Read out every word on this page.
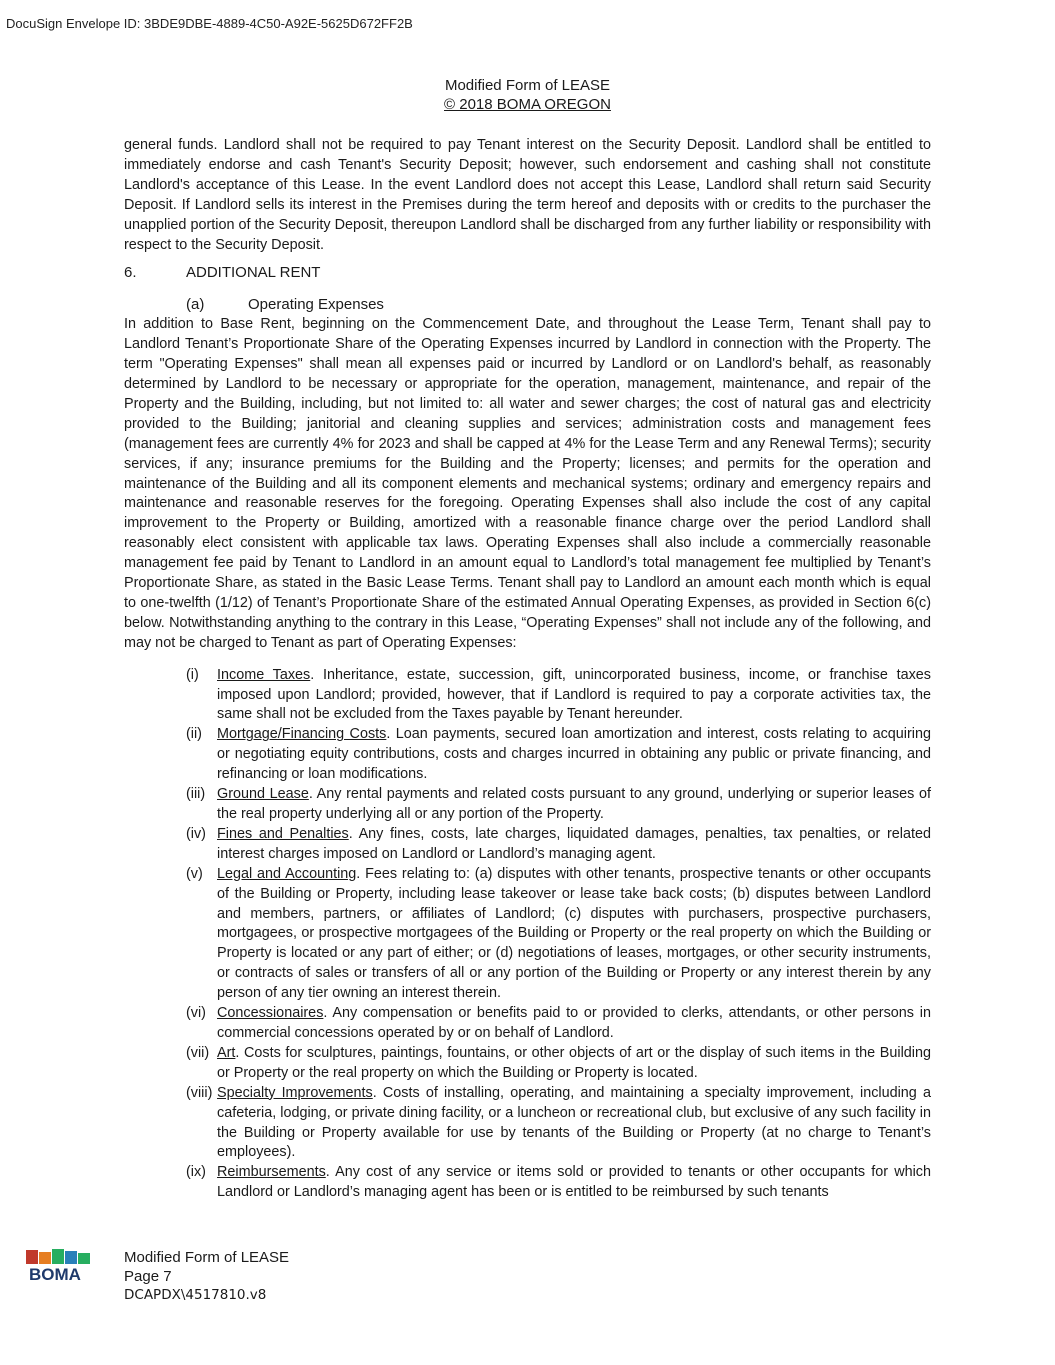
DocuSign Envelope ID: 3BDE9DBE-4889-4C50-A92E-5625D672FF2B
Modified Form of LEASE
© 2018 BOMA OREGON

general funds. Landlord shall not be required to pay Tenant interest on the Security Deposit. Landlord shall be entitled to immediately endorse and cash Tenant's Security Deposit; however, such endorsement and cashing shall not constitute Landlord's acceptance of this Lease. In the event Landlord does not accept this Lease, Landlord shall return said Security Deposit. If Landlord sells its interest in the Premises during the term hereof and deposits with or credits to the purchaser the unapplied portion of the Security Deposit, thereupon Landlord shall be discharged from any further liability or responsibility with respect to the Security Deposit.

6.	ADDITIONAL RENT

(a)	Operating Expenses

In addition to Base Rent, beginning on the Commencement Date, and throughout the Lease Term, Tenant shall pay to Landlord Tenant’s Proportionate Share of the Operating Expenses incurred by Landlord in connection with the Property. The term "Operating Expenses" shall mean all expenses paid or incurred by Landlord or on Landlord's behalf, as reasonably determined by Landlord to be necessary or appropriate for the operation, management, maintenance, and repair of the Property and the Building, including, but not limited to: all water and sewer charges; the cost of natural gas and electricity provided to the Building; janitorial and cleaning supplies and services; administration costs and management fees (management fees are currently 4% for 2023 and shall be capped at 4% for the Lease Term and any Renewal Terms); security services, if any; insurance premiums for the Building and the Property; licenses; and permits for the operation and maintenance of the Building and all its component elements and mechanical systems; ordinary and emergency repairs and maintenance and reasonable reserves for the foregoing. Operating Expenses shall also include the cost of any capital improvement to the Property or Building, amortized with a reasonable finance charge over the period Landlord shall reasonably elect consistent with applicable tax laws. Operating Expenses shall also include a commercially reasonable management fee paid by Tenant to Landlord in an amount equal to Landlord’s total management fee multiplied by Tenant’s Proportionate Share, as stated in the Basic Lease Terms. Tenant shall pay to Landlord an amount each month which is equal to one-twelfth (1/12) of Tenant’s Proportionate Share of the estimated Annual Operating Expenses, as provided in Section 6(c) below. Notwithstanding anything to the contrary in this Lease, “Operating Expenses” shall not include any of the following, and may not be charged to Tenant as part of Operating Expenses:

(i)	Income Taxes. Inheritance, estate, succession, gift, unincorporated business, income, or franchise taxes imposed upon Landlord; provided, however, that if Landlord is required to pay a corporate activities tax, the same shall not be excluded from the Taxes payable by Tenant hereunder.
(ii)	Mortgage/Financing Costs. Loan payments, secured loan amortization and interest, costs relating to acquiring or negotiating equity contributions, costs and charges incurred in obtaining any public or private financing, and refinancing or loan modifications.
(iii) Ground Lease. Any rental payments and related costs pursuant to any ground, underlying or superior leases of the real property underlying all or any portion of the Property.
(iv) Fines and Penalties. Any fines, costs, late charges, liquidated damages, penalties, tax penalties, or related interest charges imposed on Landlord or Landlord’s managing agent.
(v) Legal and Accounting. Fees relating to: (a) disputes with other tenants, prospective tenants or other occupants of the Building or Property, including lease takeover or lease take back costs; (b) disputes between Landlord and members, partners, or affiliates of Landlord; (c) disputes with purchasers, prospective purchasers, mortgagees, or prospective mortgagees of the Building or Property or the real property on which the Building or Property is located or any part of either; or (d) negotiations of leases, mortgages, or other security instruments, or contracts of sales or transfers of all or any portion of the Building or Property or any interest therein by any person of any tier owning an interest therein.
(vi) Concessionaires. Any compensation or benefits paid to or provided to clerks, attendants, or other persons in commercial concessions operated by or on behalf of Landlord.
(vii) Art. Costs for sculptures, paintings, fountains, or other objects of art or the display of such items in the Building or Property or the real property on which the Building or Property is located.
(viii) Specialty Improvements. Costs of installing, operating, and maintaining a specialty improvement, including a cafeteria, lodging, or private dining facility, or a luncheon or recreational club, but exclusive of any such facility in the Building or Property available for use by tenants of the Building or Property (at no charge to Tenant’s employees).
(ix) Reimbursements. Any cost of any service or items sold or provided to tenants or other occupants for which Landlord or Landlord’s managing agent has been or is entitled to be reimbursed by such tenants
BOMA
Modified Form of LEASE
Page 7
DCAPDX\4517810.v8
